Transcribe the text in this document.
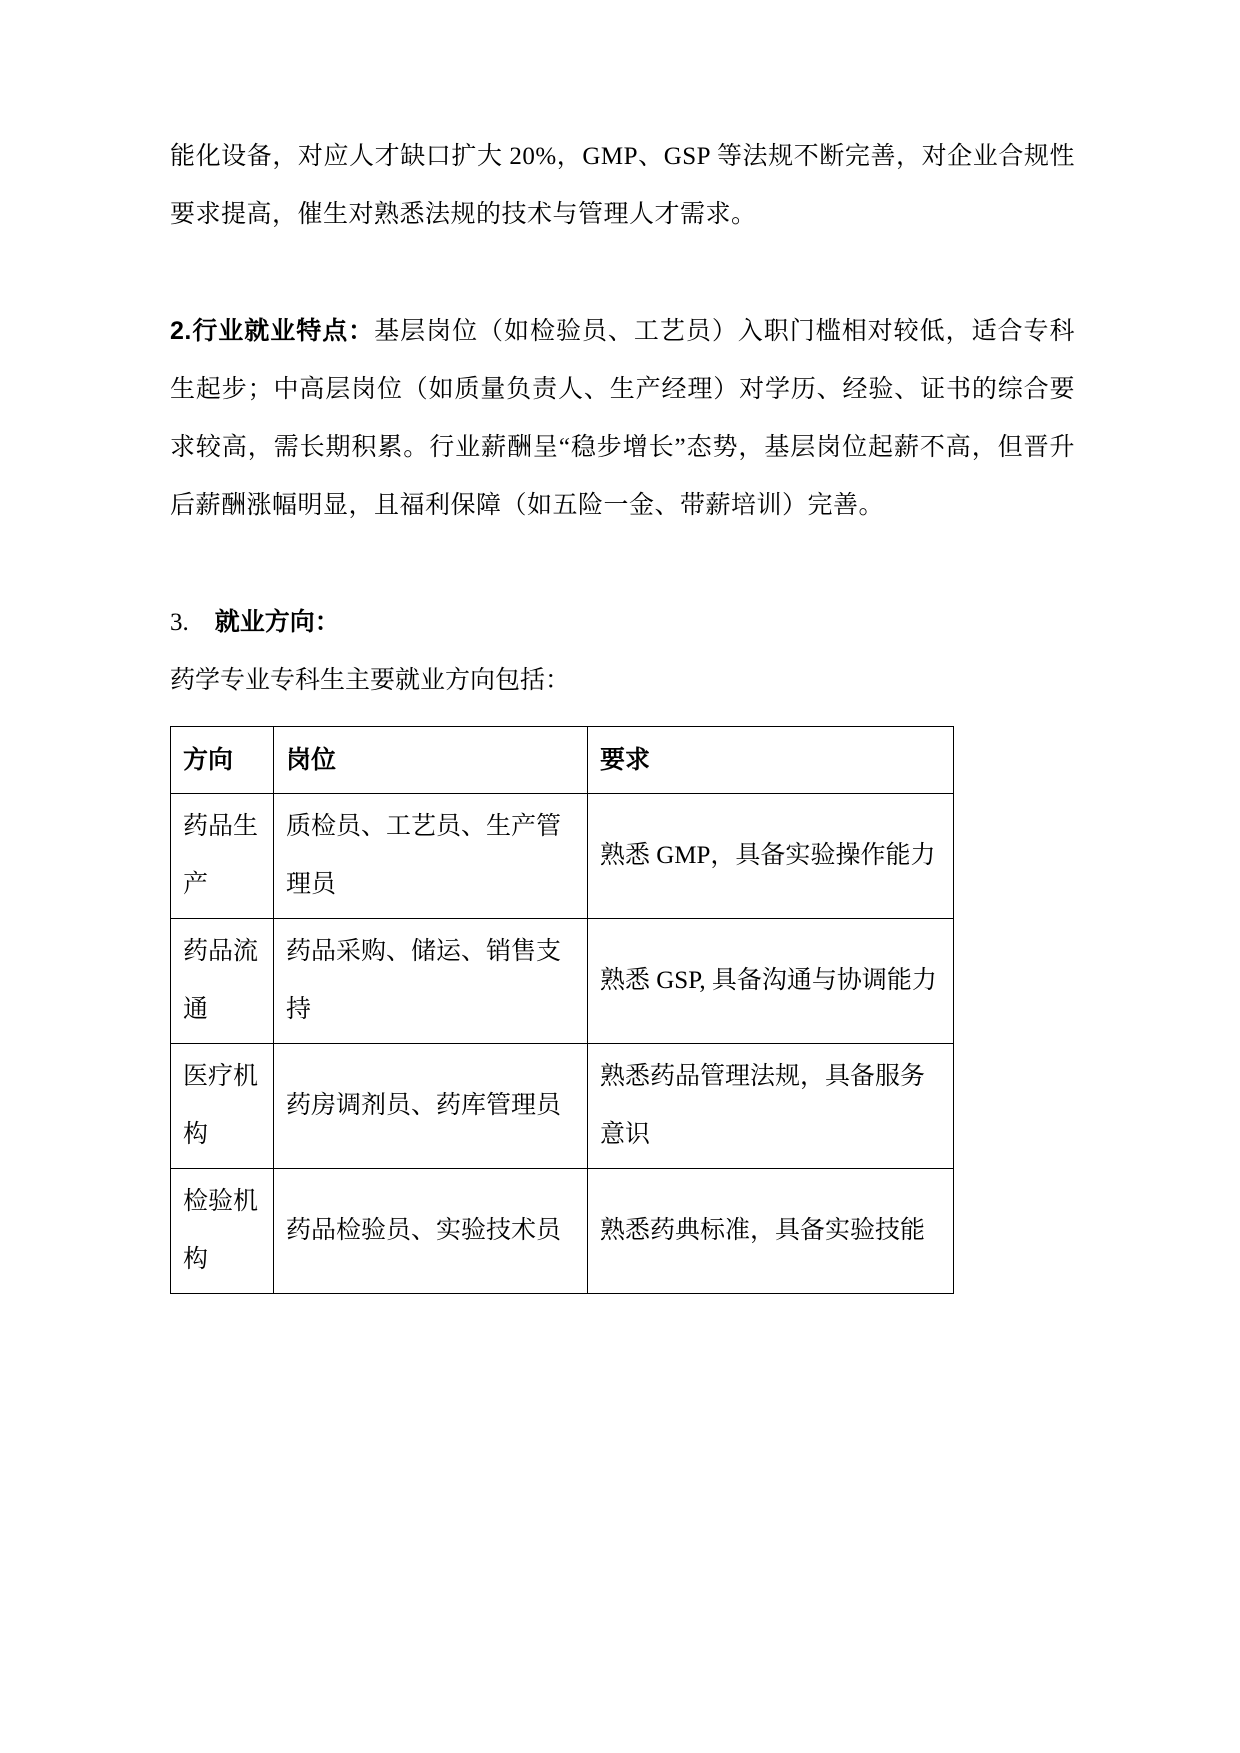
能化设备，对应人才缺口扩大 20%，GMP、GSP 等法规不断完善，对企业合规性要求提高，催生对熟悉法规的技术与管理人才需求。

2.行业就业特点：基层岗位（如检验员、工艺员）入职门槛相对较低，适合专科生起步；中高层岗位（如质量负责人、生产经理）对学历、经验、证书的综合要求较高，需长期积累。行业薪酬呈“稳步增长”态势，基层岗位起薪不高，但晋升后薪酬涨幅明显，且福利保障（如五险一金、带薪培训）完善。

3. 就业方向：

药学专业专科生主要就业方向包括：

方向	岗位	要求
药品生产	质检员、工艺员、生产管理员	熟悉 GMP，具备实验操作能力
药品流通	药品采购、储运、销售支持	熟悉 GSP, 具备沟通与协调能力
医疗机构	药房调剂员、药库管理员	熟悉药品管理法规，具备服务意识
检验机构	药品检验员、实验技术员	熟悉药典标准，具备实验技能
